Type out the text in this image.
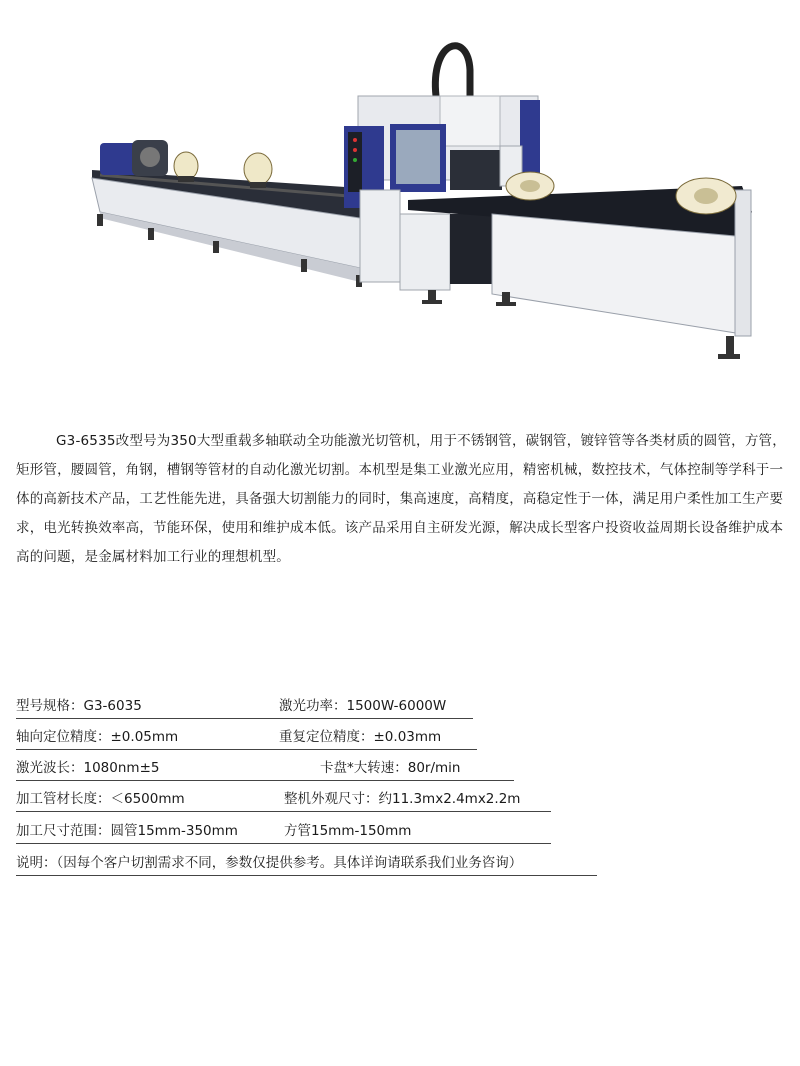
G3-6535改型号为350大型重载多轴联动全功能激光切管机，用于不锈钢管，碳钢管，镀锌管等各类材质的圆管，方管，矩形管，腰圆管，角钢，槽钢等管材的自动化激光切割。本机型是集工业激光应用，精密机械，数控技术，气体控制等学科于一体的高新技术产品，工艺性能先进，具备强大切割能力的同时，集高速度，高精度，高稳定性于一体，满足用户柔性加工生产要求，电光转换效率高，节能环保，使用和维护成本低。该产品采用自主研发光源，解决成长型客户投资收益周期长设备维护成本高的问题，是金属材料加工行业的理想机型。

型号规格：G3-6035	激光功率：1500W-6000W
轴向定位精度：±0.05mm	重复定位精度：±0.03mm
激光波长：1080nm±5	卡盘*大转速：80r/min
加工管材长度：＜6500mm	整机外观尺寸：约11.3mx2.4mx2.2m
加工尺寸范围：圆管15mm-350mm	方管15mm-150mm
说明：（因每个客户切割需求不同，参数仅提供参考。具体详询请联系我们业务咨询）
